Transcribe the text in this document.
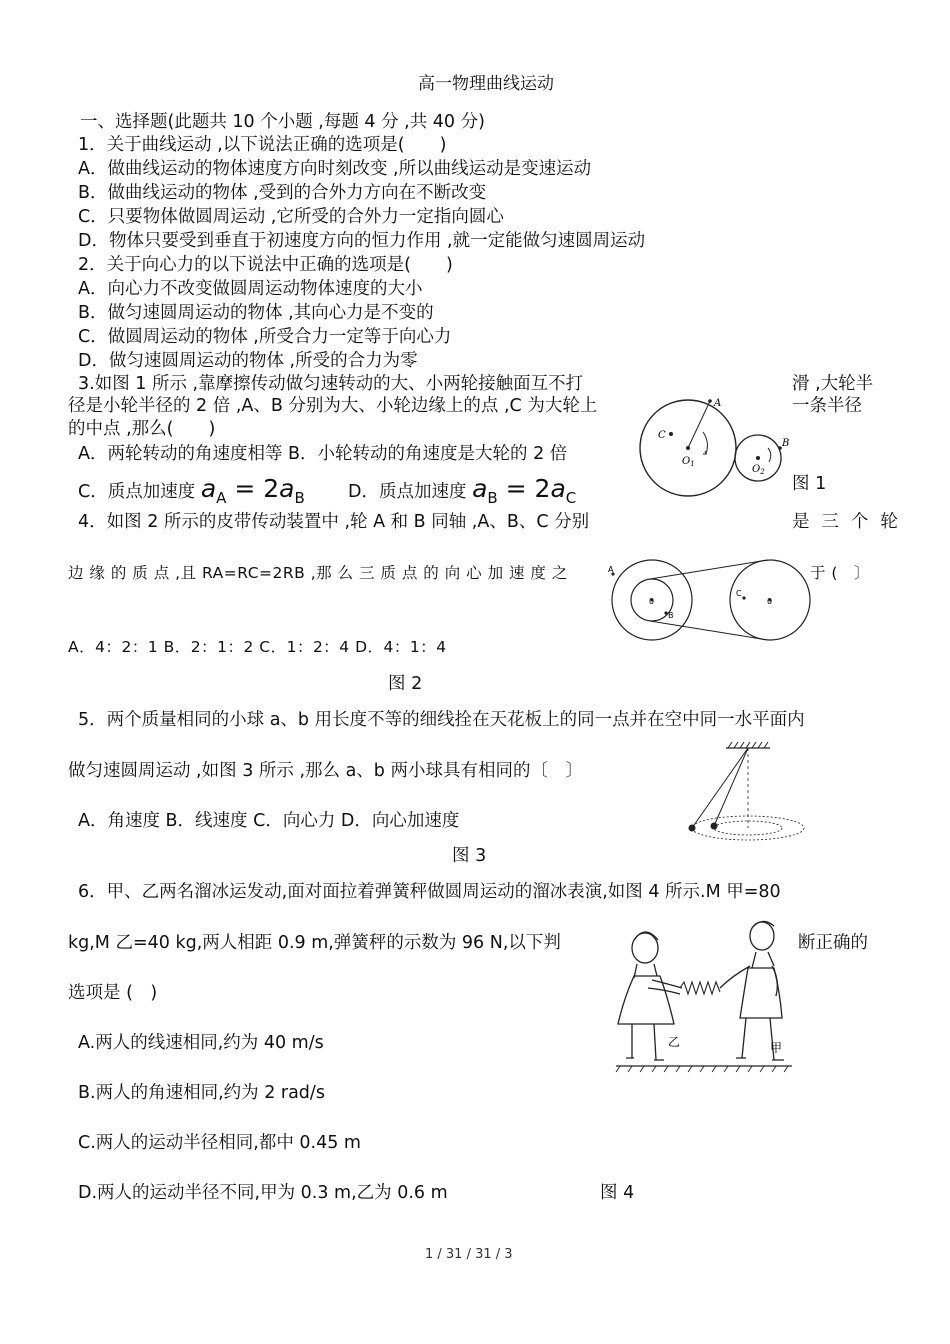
高一物理曲线运动
一、选择题(此题共 10 个小题 ,每题 4 分 ,共 40 分)
1．关于曲线运动 ,以下说法正确的选项是(　　)
A．做曲线运动的物体速度方向时刻改变 ,所以曲线运动是变速运动
B．做曲线运动的物体 ,受到的合外力方向在不断改变
C．只要物体做圆周运动 ,它所受的合外力一定指向圆心
D．物体只要受到垂直于初速度方向的恒力作用 ,就一定能做匀速圆周运动
2．关于向心力的以下说法中正确的选项是(　　)
A．向心力不改变做圆周运动物体速度的大小
B．做匀速圆周运动的物体 ,其向心力是不变的
C．做圆周运动的物体 ,所受合力一定等于向心力
D．做匀速圆周运动的物体 ,所受的合力为零
3.如图 1 所示 ,靠摩擦传动做匀速转动的大、小两轮接触面互不打	滑 ,大轮半
径是小轮半径的 2 倍 ,A、B 分别为大、小轮边缘上的点 ,C 为大轮上	一条半径
的中点 ,那么(　　)
A．两轮转动的角速度相等 B．小轮转动的角速度是大轮的 2 倍
C．质点加速度 $a_A = 2a_B$ D．质点加速度 $a_B = 2a_C$
图 1
A
B
C
$O_1$	$O_2$
4．如图 2 所示的皮带传动装置中 ,轮 A 和 B 同轴 ,A、B、C 分别	是 三 个 轮
边 缘 的 质 点 ,且 RA=RC=2RB ,那 么 三 质 点 的 向 心 加 速 度 之	于 (　〕
A
B
C
0	0
A．4：2：1 B．2：1：2 C．1：2：4 D．4：1：4
图 2
5．两个质量相同的小球 a、b 用长度不等的细线拴在天花板上的同一点并在空中同一水平面内
做匀速圆周运动 ,如图 3 所示 ,那么 a、b 两小球具有相同的〔　〕
A．角速度 B．线速度 C．向心力 D．向心加速度
图 3
6．甲、乙两名溜冰运发动,面对面拉着弹簧秤做圆周运动的溜冰表演,如图 4 所示.M 甲=80
kg,M 乙=40 kg,两人相距 0.9 m,弹簧秤的示数为 96 N,以下判	断正确的
选项是 (　)
A.两人的线速相同,约为 40 m/s
B.两人的角速相同,约为 2 rad/s
C.两人的运动半径相同,都中 0.45 m
D.两人的运动半径不同,甲为 0.3 m,乙为 0.6 m	图 4
乙	甲
1 / 31 / 31 / 3
